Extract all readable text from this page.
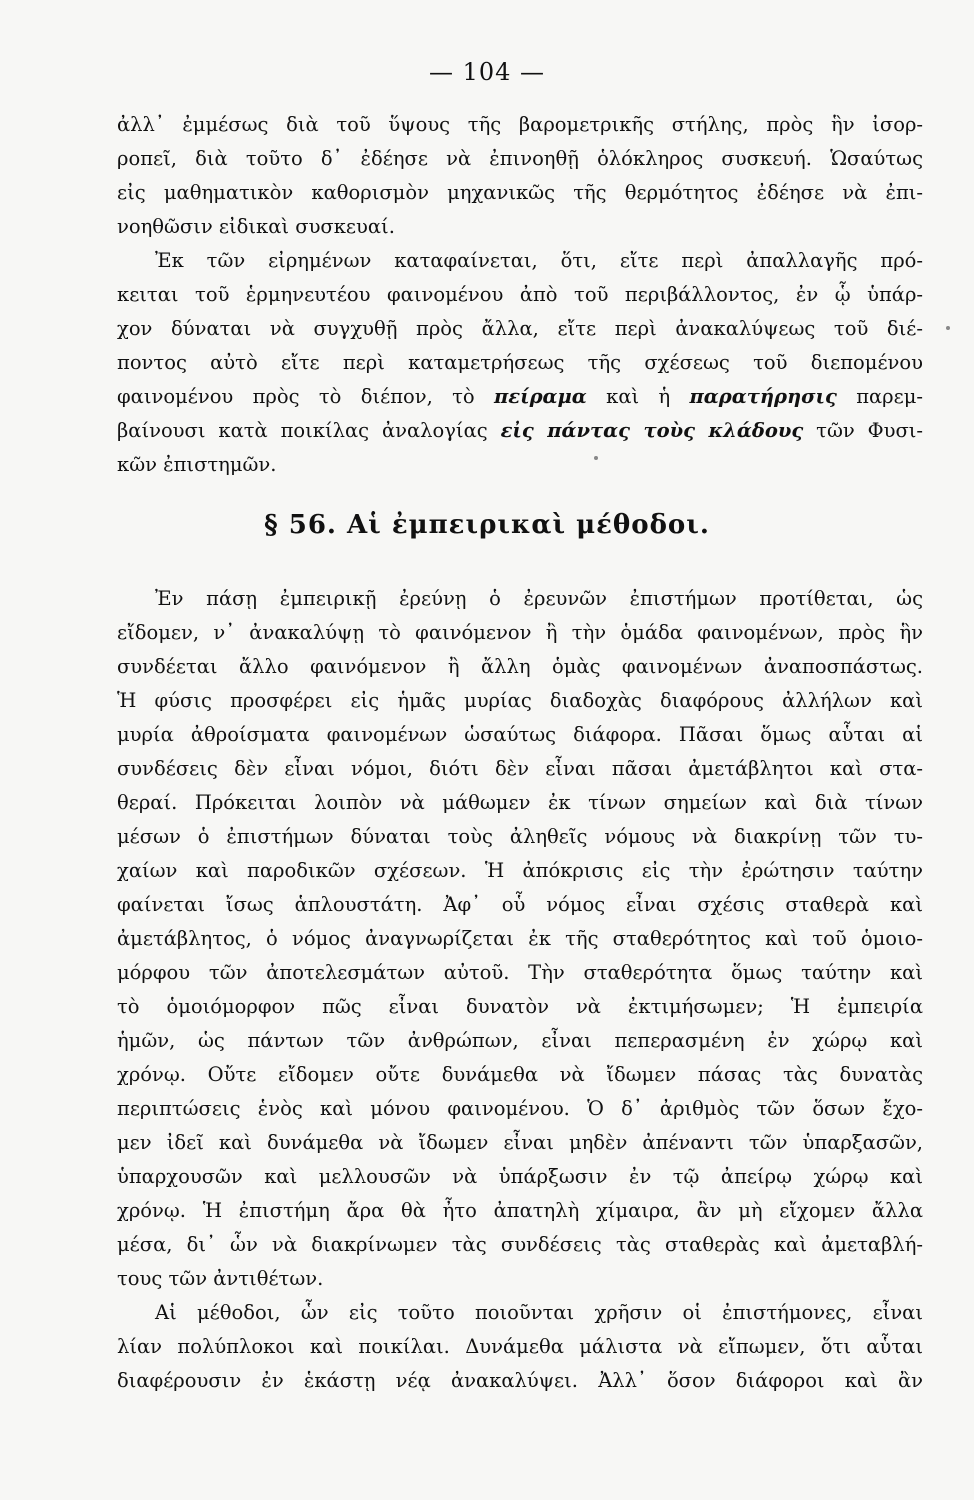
— 104 —
ἀλλ᾽ ἐμμέσως διὰ τοῦ ὕψους τῆς βαρομετρικῆς στήλης, πρὸς ἣν ἰσορ-
ροπεῖ, διὰ τοῦτο δ᾽ ἐδέησε νὰ ἐπινοηθῇ ὁλόκληρος συσκευή. Ὡσαύτως
εἰς μαθηματικὸν καθορισμὸν μηχανικῶς τῆς θερμότητος ἐδέησε νὰ ἐπι-
νοηθῶσιν εἰδικαὶ συσκευαί.
Ἐκ τῶν εἰρημένων καταφαίνεται, ὅτι, εἴτε περὶ ἀπαλλαγῆς πρό-
κειται τοῦ ἑρμηνευτέου φαινομένου ἀπὸ τοῦ περιβάλλοντος, ἐν ᾧ ὑπάρ-
χον δύναται νὰ συγχυθῇ πρὸς ἄλλα, εἴτε περὶ ἀνακαλύψεως τοῦ διέ-
ποντος αὐτὸ εἴτε περὶ καταμετρήσεως τῆς σχέσεως τοῦ διεπομένου
φαινομένου πρὸς τὸ διέπον, τὸ πείραμα καὶ ἡ παρατήρησις παρεμ-
βαίνουσι κατὰ ποικίλας ἀναλογίας εἰς πάντας τοὺς κλάδους τῶν Φυσι-
κῶν ἐπιστημῶν.
§ 56. Αἱ ἐμπειρικαὶ μέθοδοι.
Ἐν πάσῃ ἐμπειρικῇ ἐρεύνῃ ὁ ἐρευνῶν ἐπιστήμων προτίθεται, ὡς
εἴδομεν, ν᾽ ἀνακαλύψῃ τὸ φαινόμενον ἢ τὴν ὁμάδα φαινομένων, πρὸς ἣν
συνδέεται ἄλλο φαινόμενον ἢ ἄλλη ὁμὰς φαινομένων ἀναποσπάστως.
Ἡ φύσις προσφέρει εἰς ἡμᾶς μυρίας διαδοχὰς διαφόρους ἀλλήλων καὶ
μυρία ἀθροίσματα φαινομένων ὡσαύτως διάφορα. Πᾶσαι ὅμως αὗται αἱ
συνδέσεις δὲν εἶναι νόμοι, διότι δὲν εἶναι πᾶσαι ἀμετάβλητοι καὶ στα-
θεραί. Πρόκειται λοιπὸν νὰ μάθωμεν ἐκ τίνων σημείων καὶ διὰ τίνων
μέσων ὁ ἐπιστήμων δύναται τοὺς ἀληθεῖς νόμους νὰ διακρίνῃ τῶν τυ-
χαίων καὶ παροδικῶν σχέσεων. Ἡ ἀπόκρισις εἰς τὴν ἐρώτησιν ταύτην
φαίνεται ἴσως ἁπλουστάτη. Ἀφ᾽ οὗ νόμος εἶναι σχέσις σταθερὰ καὶ
ἀμετάβλητος, ὁ νόμος ἀναγνωρίζεται ἐκ τῆς σταθερότητος καὶ τοῦ ὁμοιο-
μόρφου τῶν ἀποτελεσμάτων αὐτοῦ. Τὴν σταθερότητα ὅμως ταύτην καὶ
τὸ ὁμοιόμορφον πῶς εἶναι δυνατὸν νὰ ἐκτιμήσωμεν; Ἡ ἐμπειρία
ἡμῶν, ὡς πάντων τῶν ἀνθρώπων, εἶναι πεπερασμένη ἐν χώρῳ καὶ
χρόνῳ. Οὔτε εἴδομεν οὔτε δυνάμεθα νὰ ἴδωμεν πάσας τὰς δυνατὰς
περιπτώσεις ἑνὸς καὶ μόνου φαινομένου. Ὁ δ᾽ ἀριθμὸς τῶν ὅσων ἔχο-
μεν ἰδεῖ καὶ δυνάμεθα νὰ ἴδωμεν εἶναι μηδὲν ἀπέναντι τῶν ὑπαρξασῶν,
ὑπαρχουσῶν καὶ μελλουσῶν νὰ ὑπάρξωσιν ἐν τῷ ἀπείρῳ χώρῳ καὶ
χρόνῳ. Ἡ ἐπιστήμη ἄρα θὰ ἦτο ἀπατηλὴ χίμαιρα, ἂν μὴ εἴχομεν ἄλλα
μέσα, δι᾽ ὧν νὰ διακρίνωμεν τὰς συνδέσεις τὰς σταθερὰς καὶ ἀμεταβλή-
τους τῶν ἀντιθέτων.
Αἱ μέθοδοι, ὧν εἰς τοῦτο ποιοῦνται χρῆσιν οἱ ἐπιστήμονες, εἶναι
λίαν πολύπλοκοι καὶ ποικίλαι. Δυνάμεθα μάλιστα νὰ εἴπωμεν, ὅτι αὗται
διαφέρουσιν ἐν ἑκάστῃ νέᾳ ἀνακαλύψει. Ἀλλ᾽ ὅσον διάφοροι καὶ ἂν
